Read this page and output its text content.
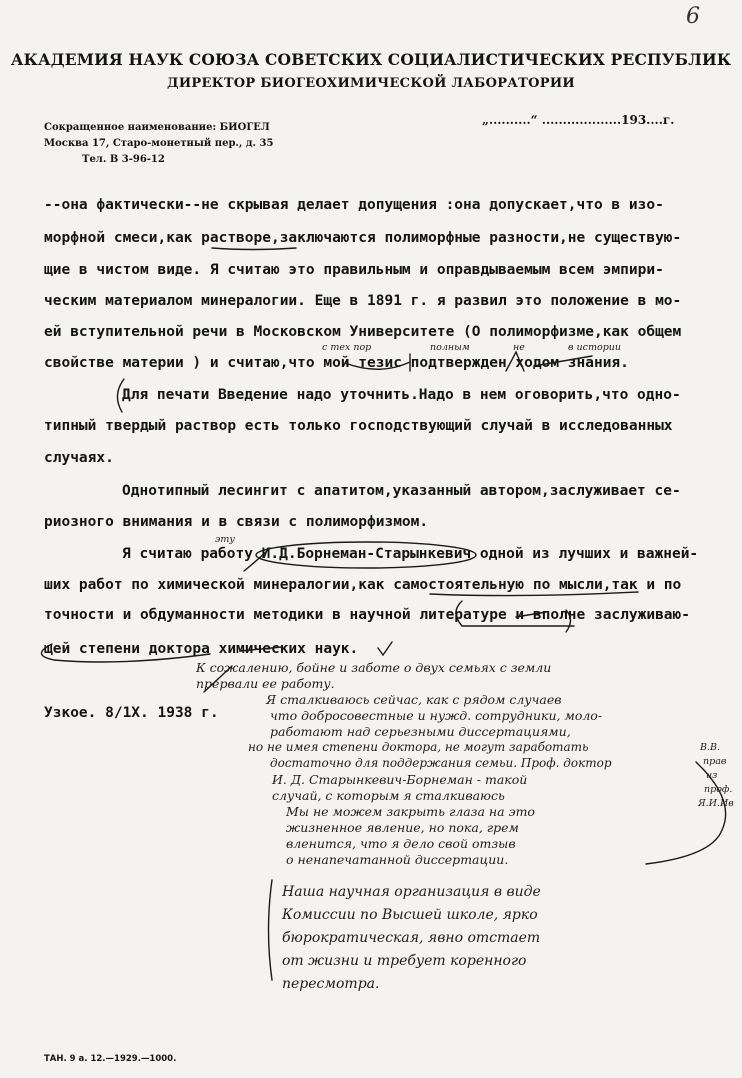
6
АКАДЕМИЯ НАУК СОЮЗА СОВЕТСКИХ СОЦИАЛИСТИЧЕСКИХ РЕСПУБЛИК
ДИРЕКТОР БИОГЕОХИМИЧЕСКОЙ ЛАБОРАТОРИИ
Сокращенное наименование: БИОГЕЛ
Москва 17, Старо-монетный пер., д. 35
Тел. В 3-96-12
„..........“ ...................193....г.
--она фактически--не скрывая делает допущения :она допускает,что в изо-
морфной смеси,как растворе,заключаются полиморфные разности,не существую-
щие в чистом виде. Я считаю это правильным и оправдываемым всем эмпири-
ческим материалом минералогии. Еще в 1891 г. я развил это положение в мо-
ей вступительной речи в Московском Университете (О полиморфизме,как общем
свойстве материи ) и считаю,что мой тезис подтвержден ходом знания.
Для печати Введение надо уточнить.Надо в нем оговорить,что одно-
типный твердый раствор есть только господствующий случай в исследованных
случаях.
Однотипный лесингит с апатитом,указанный автором,заслуживает се-
риозного внимания и в связи с полиморфизмом.
Я считаю работу И.Д.Борнеман-Старынкевич одной из лучших и важней-
ших работ по химической минералогии,как самостоятельную по мысли,так и по
точности и обдуманности методики в научной литературе и вполне заслуживаю-
щей степени доктора химических наук.
Узкое. 8/1Х. 1938 г.
с тех пор	полным	не	в истории
эту
К сожалению, бойне и заботе о двух семьях с земли
прервали ее работу.
Я сталкиваюсь сейчас, как с рядом случаев
что добросовестные и нужд. сотрудники, моло-
работают над серьезными диссертациями,
но не имея степени доктора, не могут заработать
достаточно для поддержания семьи. Проф. доктор
И. Д. Старынкевич-Борнеман - такой
случай, с которым я сталкиваюсь
Мы не можем закрыть глаза на это
жизненное явление, но пока, грем
вленится, что я дело свой отзыв
о ненапечатанной диссертации.
В.В.
прав
из
проф.
Я.И.Ив
Наша научная организация в виде
Комиссии по Высшей школе, ярко
бюрократическая, явно отстает
от жизни и требует коренного
пересмотра.
ТАН. 9 а. 12.—1929.—1000.
